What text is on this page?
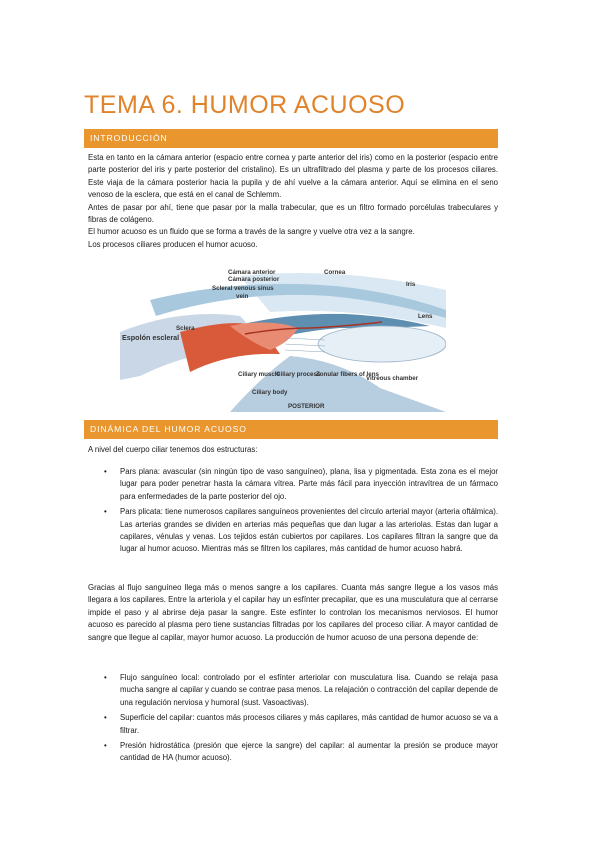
TEMA 6. HUMOR ACUOSO
INTRODUCCIÓN

Esta en tanto en la cámara anterior (espacio entre cornea y parte anterior del iris) como en la posterior (espacio entre parte posterior del iris y parte posterior del cristalino). Es un ultrafiltrado del plasma y parte de los procesos ciliares. Este viaja de la cámara posterior hacia la pupila y de ahí vuelve a la cámara anterior. Aquí se elimina en el seno venoso de la esclera, que está en el canal de Schlemm.

Antes de pasar por ahí, tiene que pasar por la malla trabecular, que es un filtro formado porcélulas trabeculares y fibras de colágeno.

El humor acuoso es un fluido que se forma a través de la sangre y vuelve otra vez a la sangre.

Los procesos ciliares producen el humor acuoso.

Cámara anterior
Cámara posterior
Cornea
Iris
Scleral venous sinus
vein
Sclera
Espolón escleral
Lens
Ciliary muscle
Ciliary process
Ciliary body
Zonular fibers of lens
Vitreous chamber
POSTERIOR
DINÁMICA DEL HUMOR ACUOSO

A nivel del cuerpo ciliar tenemos dos estructuras:

• Pars plana: avascular (sin ningún tipo de vaso sanguíneo), plana, lisa y pigmentada. Esta zona es el mejor lugar para poder penetrar hasta la cámara vítrea. Parte más fácil para inyección intravítrea de un fármaco para enfermedades de la parte posterior del ojo.
• Pars plicata: tiene numerosos capilares sanguíneos provenientes del círculo arterial mayor (arteria oftálmica). Las arterias grandes se dividen en arterias más pequeñas que dan lugar a las arteriolas. Estas dan lugar a capilares, vénulas y venas. Los tejidos están cubiertos por capilares. Los capilares filtran la sangre que da lugar al humor acuoso. Mientras más se filtren los capilares, más cantidad de humor acuoso habrá.

Gracias al flujo sanguíneo llega más o menos sangre a los capilares. Cuanta más sangre llegue a los vasos más llegara a los capilares. Entre la arteriola y el capilar hay un esfínter precapilar, que es una musculatura que al cerrarse impide el paso y al abrirse deja pasar la sangre. Este esfínter lo controlan los mecanismos nerviosos. El humor acuoso es parecido al plasma pero tiene sustancias filtradas por los capilares del proceso ciliar. A mayor cantidad de sangre que llegue al capilar, mayor humor acuoso. La producción de humor acuoso de una persona depende de:

• Flujo sanguíneo local: controlado por el esfínter arteriolar con musculatura lisa. Cuando se relaja pasa mucha sangre al capilar y cuando se contrae pasa menos. La relajación o contracción del capilar depende de una regulación nerviosa y humoral (sust. Vasoactivas).
• Superficie del capilar: cuantos más procesos ciliares y más capilares, más cantidad de humor acuoso se va a filtrar.
• Presión hidrostática (presión que ejerce la sangre) del capilar: al aumentar la presión se produce mayor cantidad de HA (humor acuoso).
